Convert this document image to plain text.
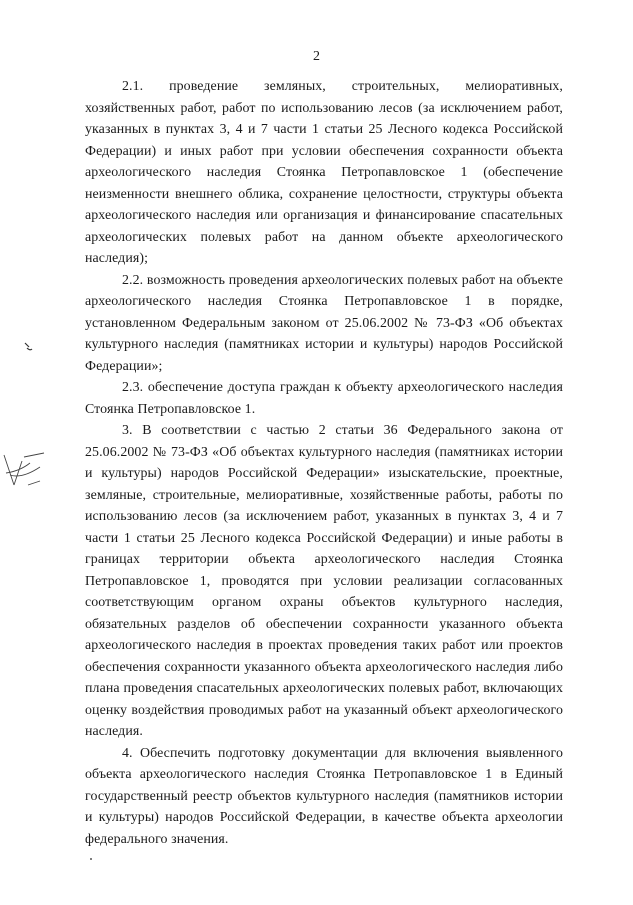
2

2.1. проведение земляных, строительных, мелиоративных, хозяйственных работ, работ по использованию лесов (за исключением работ, указанных в пунктах 3, 4 и 7 части 1 статьи 25 Лесного кодекса Российской Федерации) и иных работ при условии обеспечения сохранности объекта археологического наследия Стоянка Петропавловское 1 (обеспечение неизменности внешнего облика, сохранение целостности, структуры объекта археологического наследия или организация и финансирование спасательных археологических полевых работ на данном объекте археологического наследия);

2.2. возможность проведения археологических полевых работ на объекте археологического наследия Стоянка Петропавловское 1 в порядке, установленном Федеральным законом от 25.06.2002 № 73-ФЗ «Об объектах культурного наследия (памятниках истории и культуры) народов Российской Федерации»;

2.3. обеспечение доступа граждан к объекту археологического наследия Стоянка Петропавловское 1.

3. В соответствии с частью 2 статьи 36 Федерального закона от 25.06.2002 № 73-ФЗ «Об объектах культурного наследия (памятниках истории и культуры) народов Российской Федерации» изыскательские, проектные, земляные, строительные, мелиоративные, хозяйственные работы, работы по использованию лесов (за исключением работ, указанных в пунктах 3, 4 и 7 части 1 статьи 25 Лесного кодекса Российской Федерации) и иные работы в границах территории объекта археологического наследия Стоянка Петропавловское 1, проводятся при условии реализации согласованных соответствующим органом охраны объектов культурного наследия, обязательных разделов об обеспечении сохранности указанного объекта археологического наследия в проектах проведения таких работ или проектов обеспечения сохранности указанного объекта археологического наследия либо плана проведения спасательных археологических полевых работ, включающих оценку воздействия проводимых работ на указанный объект археологического наследия.

4. Обеспечить подготовку документации для включения выявленного объекта археологического наследия Стоянка Петропавловское 1 в Единый государственный реестр объектов культурного наследия (памятников истории и культуры) народов Российской Федерации, в качестве объекта археологии федерального значения.
